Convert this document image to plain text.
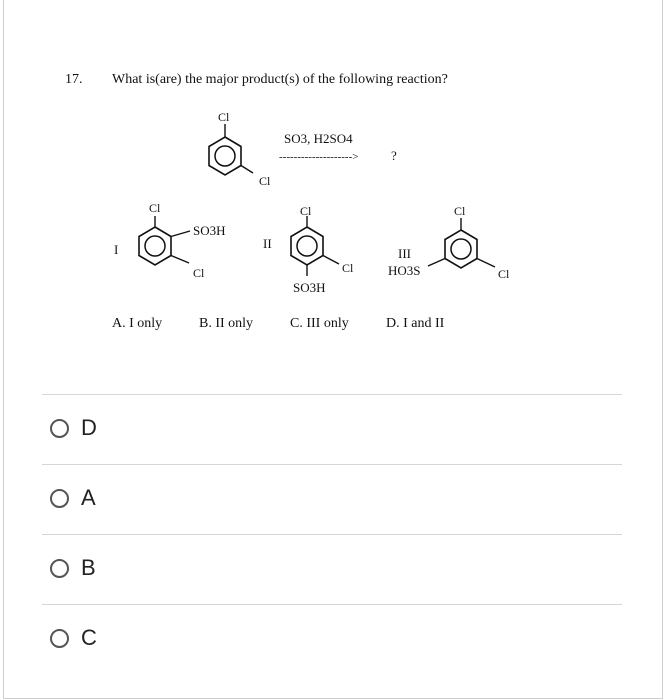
17. What is(are) the major product(s) of the following reaction?
Cl
Cl
SO3, H2SO4
-------------------->	?
I
Cl
SO3H
Cl
II
Cl
Cl
SO3H
III
Cl
HO3S	Cl
A. I only	B. II only	C. III only	D. I and II
D
A
B
C
